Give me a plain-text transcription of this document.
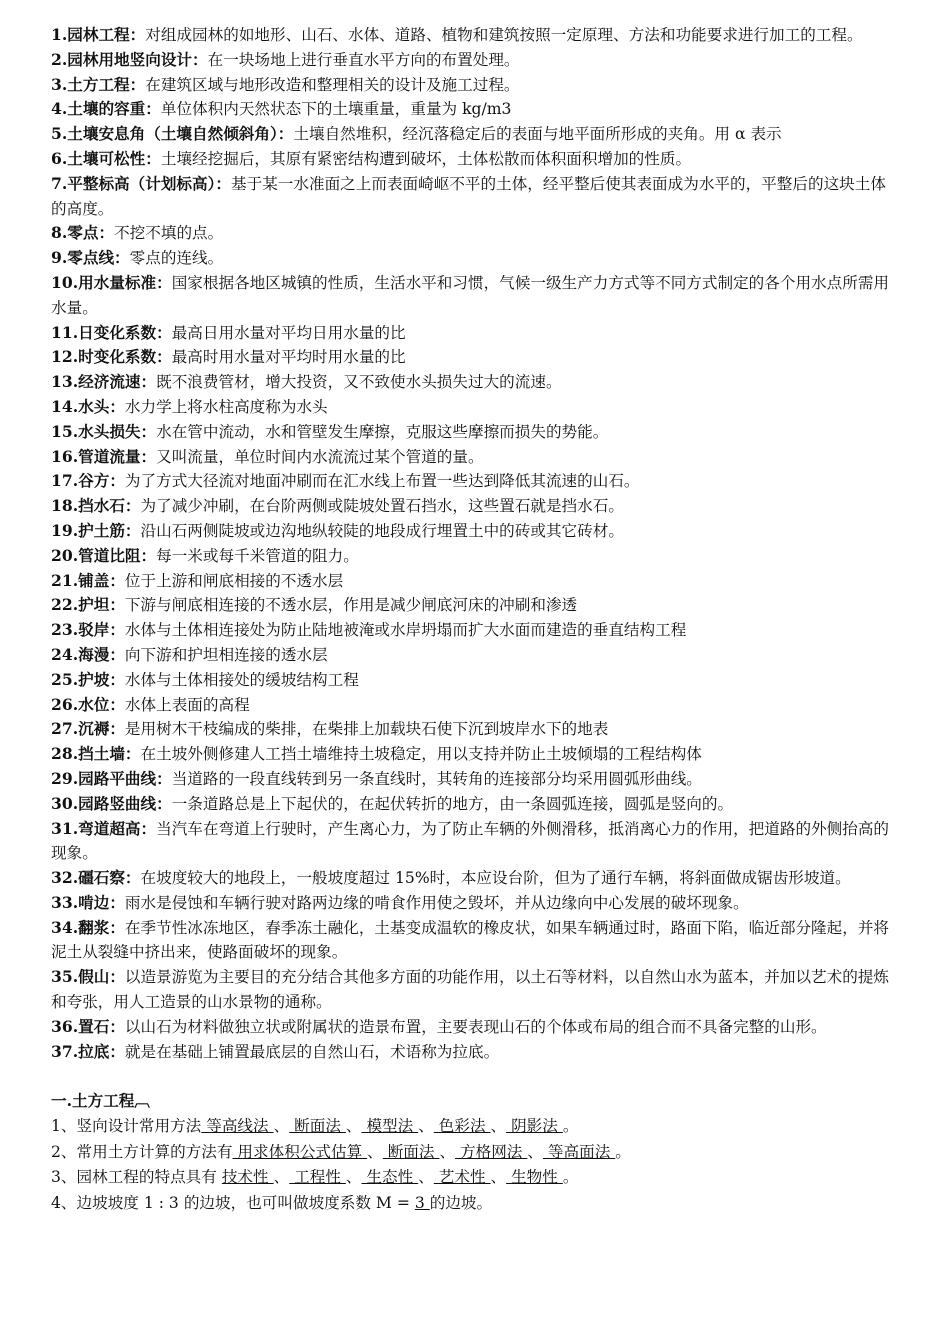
1.园林工程：对组成园林的如地形、山石、水体、道路、植物和建筑按照一定原理、方法和功能要求进行加工的工程。

2.园林用地竖向设计：在一块场地上进行垂直水平方向的布置处理。

3.土方工程：在建筑区域与地形改造和整理相关的设计及施工过程。

4.土壤的容重：单位体积内天然状态下的土壤重量，重量为 kg/m3

5.土壤安息角（土壤自然倾斜角）：土壤自然堆积，经沉落稳定后的表面与地平面所形成的夹角。用 α 表示

6.土壤可松性：土壤经挖掘后，其原有紧密结构遭到破坏，土体松散而体积面积增加的性质。

7.平整标高（计划标高）：基于某一水准面之上而表面崎岖不平的土体，经平整后使其表面成为水平的，平整后的这块土体的高度。

8.零点：不挖不填的点。

9.零点线：零点的连线。

10.用水量标准：国家根据各地区城镇的性质，生活水平和习惯，气候一级生产力方式等不同方式制定的各个用水点所需用水量。

11.日变化系数：最高日用水量对平均日用水量的比

12.时变化系数：最高时用水量对平均时用水量的比

13.经济流速：既不浪费管材，增大投资，又不致使水头损失过大的流速。

14.水头：水力学上将水柱高度称为水头

15.水头损失：水在管中流动，水和管壁发生摩擦，克服这些摩擦而损失的势能。

16.管道流量：又叫流量，单位时间内水流流过某个管道的量。

17.谷方：为了方式大径流对地面冲刷而在汇水线上布置一些达到降低其流速的山石。

18.挡水石：为了减少冲刷，在台阶两侧或陡坡处置石挡水，这些置石就是挡水石。

19.护土筋：沿山石两侧陡坡或边沟地纵较陡的地段成行埋置土中的砖或其它砖材。

20.管道比阻：每一米或每千米管道的阻力。

21.铺盖：位于上游和闸底相接的不透水层

22.护坦：下游与闸底相连接的不透水层，作用是减少闸底河床的冲刷和渗透

23.驳岸：水体与土体相连接处为防止陆地被淹或水岸坍塌而扩大水面而建造的垂直结构工程

24.海漫：向下游和护坦相连接的透水层

25.护坡：水体与土体相接处的缓坡结构工程

26.水位：水体上表面的高程

27.沉褥：是用树木干枝编成的柴排，在柴排上加载块石使下沉到坡岸水下的地表

28.挡土墙：在土坡外侧修建人工挡土墙维持土坡稳定，用以支持并防止土坡倾塌的工程结构体

29.园路平曲线：当道路的一段直线转到另一条直线时，其转角的连接部分均采用圆弧形曲线。

30.园路竖曲线：一条道路总是上下起伏的，在起伏转折的地方，由一条圆弧连接，圆弧是竖向的。

31.弯道超高：当汽车在弯道上行驶时，产生离心力，为了防止车辆的外侧滑移，抵消离心力的作用，把道路的外侧抬高的现象。

32.礓石察：在坡度较大的地段上，一般坡度超过 15%时，本应设台阶，但为了通行车辆，将斜面做成锯齿形坡道。

33.啃边：雨水是侵蚀和车辆行驶对路两边缘的啃食作用使之毁坏，并从边缘向中心发展的破坏现象。

34.翻浆：在季节性冰冻地区，春季冻土融化，土基变成温软的橡皮状，如果车辆通过时，路面下陷，临近部分隆起，并将泥土从裂缝中挤出来，使路面破坏的现象。

35.假山：以造景游览为主要目的充分结合其他多方面的功能作用，以土石等材料，以自然山水为蓝本，并加以艺术的提炼和夸张，用人工造景的山水景物的通称。

36.置石：以山石为材料做独立状或附属状的造景布置，主要表现山石的个体或布局的组合而不具备完整的山形。

37.拉底：就是在基础上铺置最底层的自然山石，术语称为拉底。

一.土方工程︹

1、竖向设计常用方法 等高线法 、 断面法 、 模型法 、 色彩法 、 阴影法 。

2、常用土方计算的方法有 用求体积公式估算 、 断面法 、 方格网法 、 等高面法 。

3、园林工程的特点具有 技术性 、 工程性 、 生态性 、 艺术性 、 生物性 。

4、边坡坡度 1 : 3 的边坡，也可叫做坡度系数 M = 3 的边坡。
